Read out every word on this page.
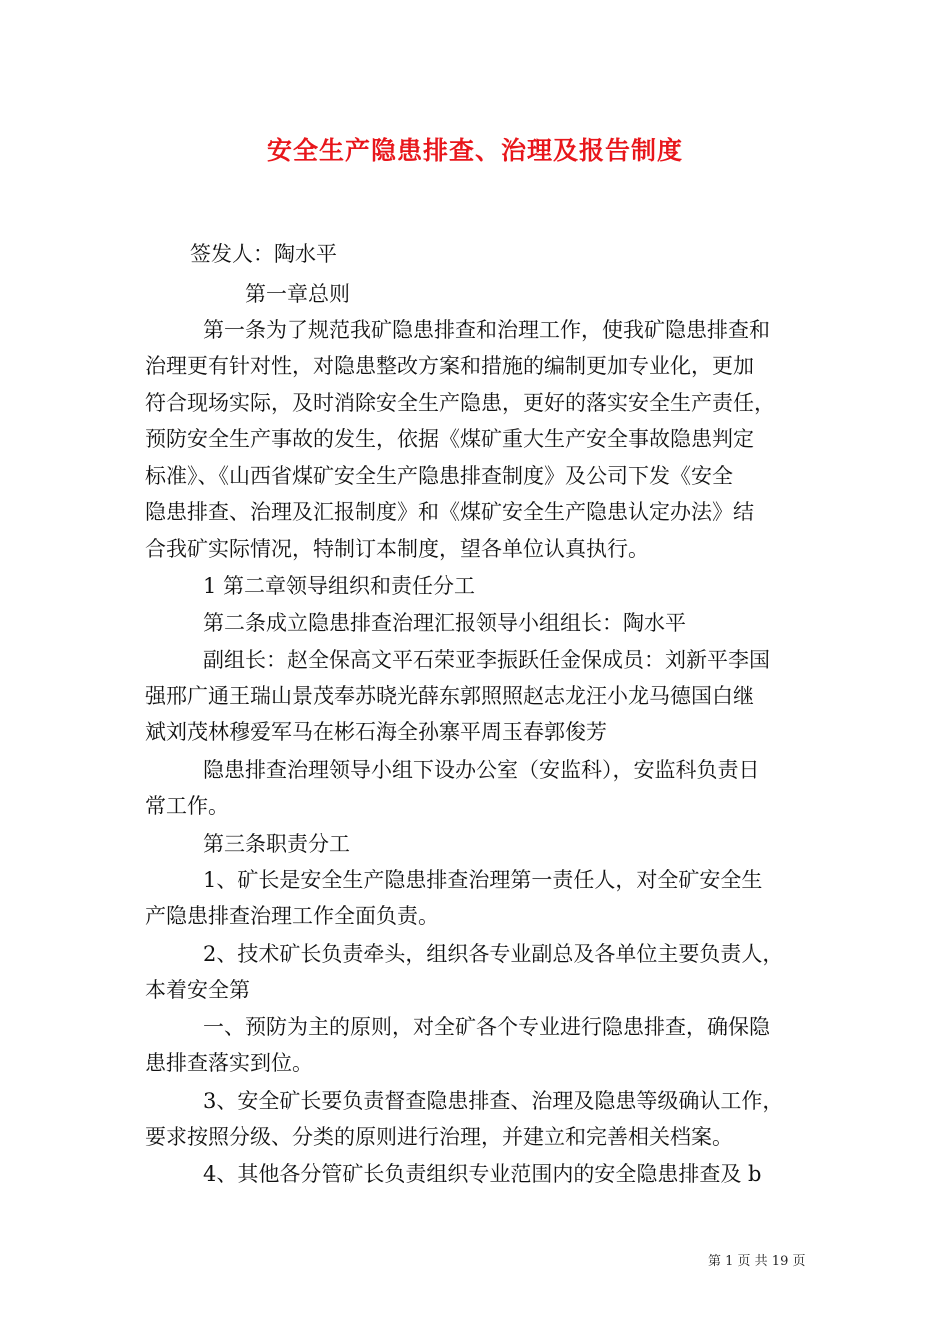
安全生产隐患排查、治理及报告制度
签发人：陶水平
第一章总则
第一条为了规范我矿隐患排查和治理工作，使我矿隐患排查和
治理更有针对性，对隐患整改方案和措施的编制更加专业化，更加
符合现场实际，及时消除安全生产隐患，更好的落实安全生产责任，
预防安全生产事故的发生，依据《煤矿重大生产安全事故隐患判定
标准》、《山西省煤矿安全生产隐患排查制度》及公司下发《安全
隐患排查、治理及汇报制度》和《煤矿安全生产隐患认定办法》结
合我矿实际情况，特制订本制度，望各单位认真执行。
1 第二章领导组织和责任分工
第二条成立隐患排查治理汇报领导小组组长：陶水平
副组长：赵全保高文平石荣亚李振跃任金保成员：刘新平李国
强邢广通王瑞山景茂奉苏晓光薛东郭照照赵志龙汪小龙马德国白继
斌刘茂林穆爱军马在彬石海全孙寨平周玉春郭俊芳
隐患排查治理领导小组下设办公室（安监科），安监科负责日
常工作。
第三条职责分工
1、矿长是安全生产隐患排查治理第一责任人，对全矿安全生
产隐患排查治理工作全面负责。
2、技术矿长负责牵头，组织各专业副总及各单位主要负责人，
本着安全第
一、预防为主的原则，对全矿各个专业进行隐患排查，确保隐
患排查落实到位。
3、安全矿长要负责督查隐患排查、治理及隐患等级确认工作，
要求按照分级、分类的原则进行治理，并建立和完善相关档案。
4、其他各分管矿长负责组织专业范围内的安全隐患排查及 b
第 1 页 共 19 页
